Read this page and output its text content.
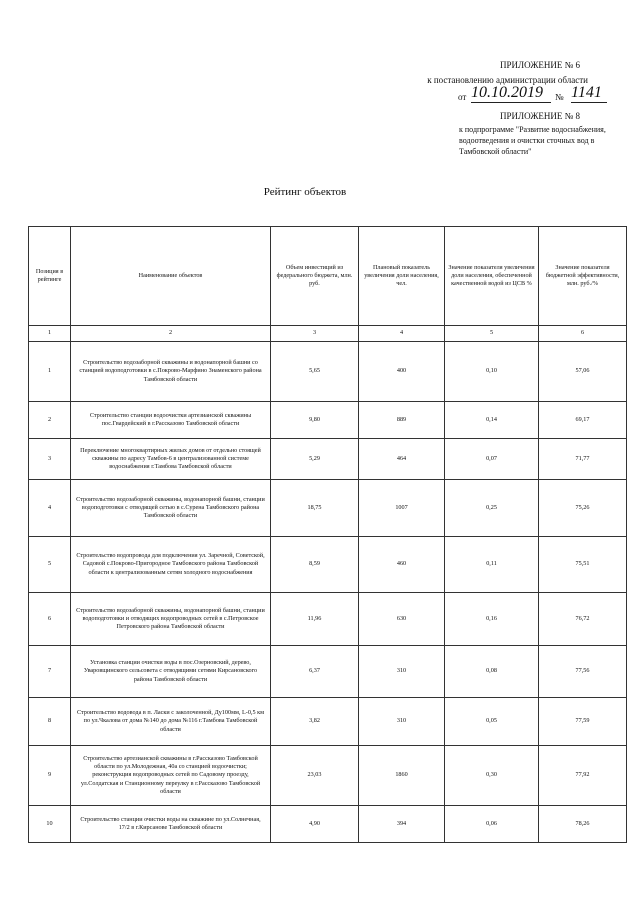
ПРИЛОЖЕНИЕ № 6
к постановлению администрации области
от 10.10.2019	№ 1141
ПРИЛОЖЕНИЕ № 8
к подпрограмме "Развитие водоснабжения, водоотведения и очистки сточных вод в Тамбовской области"
Рейтинг объектов
Позиция в рейтинге	Наименование объектов	Объем инвестиций из федерального бюджета, млн. руб.	Плановый показатель увеличения доли населения, чел.	Значение показателя увеличения доли населения, обеспеченной качественной водой из ЦСВ %	Значение показателя бюджетной эффективности, млн. руб./%
1	2	3	4	5	6
1	Строительство водозаборной скважины и водонапорной башни со станцией водоподготовки в с.Покрово-Марфино Знаменского района Тамбовской области	5,65	400	0,10	57,06
2	Строительство станции водоочистки артезианской скважины пос.Гвардейский в г.Рассказово Тамбовской области	9,80	889	0,14	69,17
3	Переключение многоквартирных жилых домов от отдельно стоящей скважины по адресу Тамбов-6 в централизованной системе водоснабжения г.Тамбова Тамбовской области	5,29	464	0,07	71,77
4	Строительство водозаборной скважины, водонапорной башни, станции водоподготовки с отводящей сетью в с.Сурена Тамбовского района Тамбовской области	18,75	1007	0,25	75,26
5	Строительство водопровода для подключения ул. Заречной, Советской, Садовой с.Покрово-Пригородное Тамбовского района Тамбовской области к централизованным сетям холодного водоснабжения	8,59	460	0,11	75,51
6	Строительство водозаборной скважины, водонапорной башни, станции водоподготовки и отводящих водопроводных сетей в с.Петровское Петровского района Тамбовской области	11,96	630	0,16	76,72
7	Установка станции очистки воды в пос.Озерновский, дерево, Уваровщинского сельсовета с отводящими сетями Кирсановского района Тамбовской области	6,37	310	0,08	77,56
8	Строительство водовода в п. Ласки с заколоченной, Ду100мм, L-0,5 км по ул.Чкалова от дома №140 до дома №116 г.Тамбова Тамбовской области	3,82	310	0,05	77,59
9	Строительство артезианской скважины в г.Рассказово Тамбовской области по ул.Молодежная, 40а со станцией водоочистки; реконструкция водопроводных сетей по Садовому проезду, ул.Солдатская и Станционному переулку в г.Рассказово Тамбовской области	23,03	1860	0,30	77,92
10	Строительство станции очистки воды на скважине по ул.Солнечная, 17/2 в г.Кирсанове Тамбовской области	4,90	394	0,06	78,26
